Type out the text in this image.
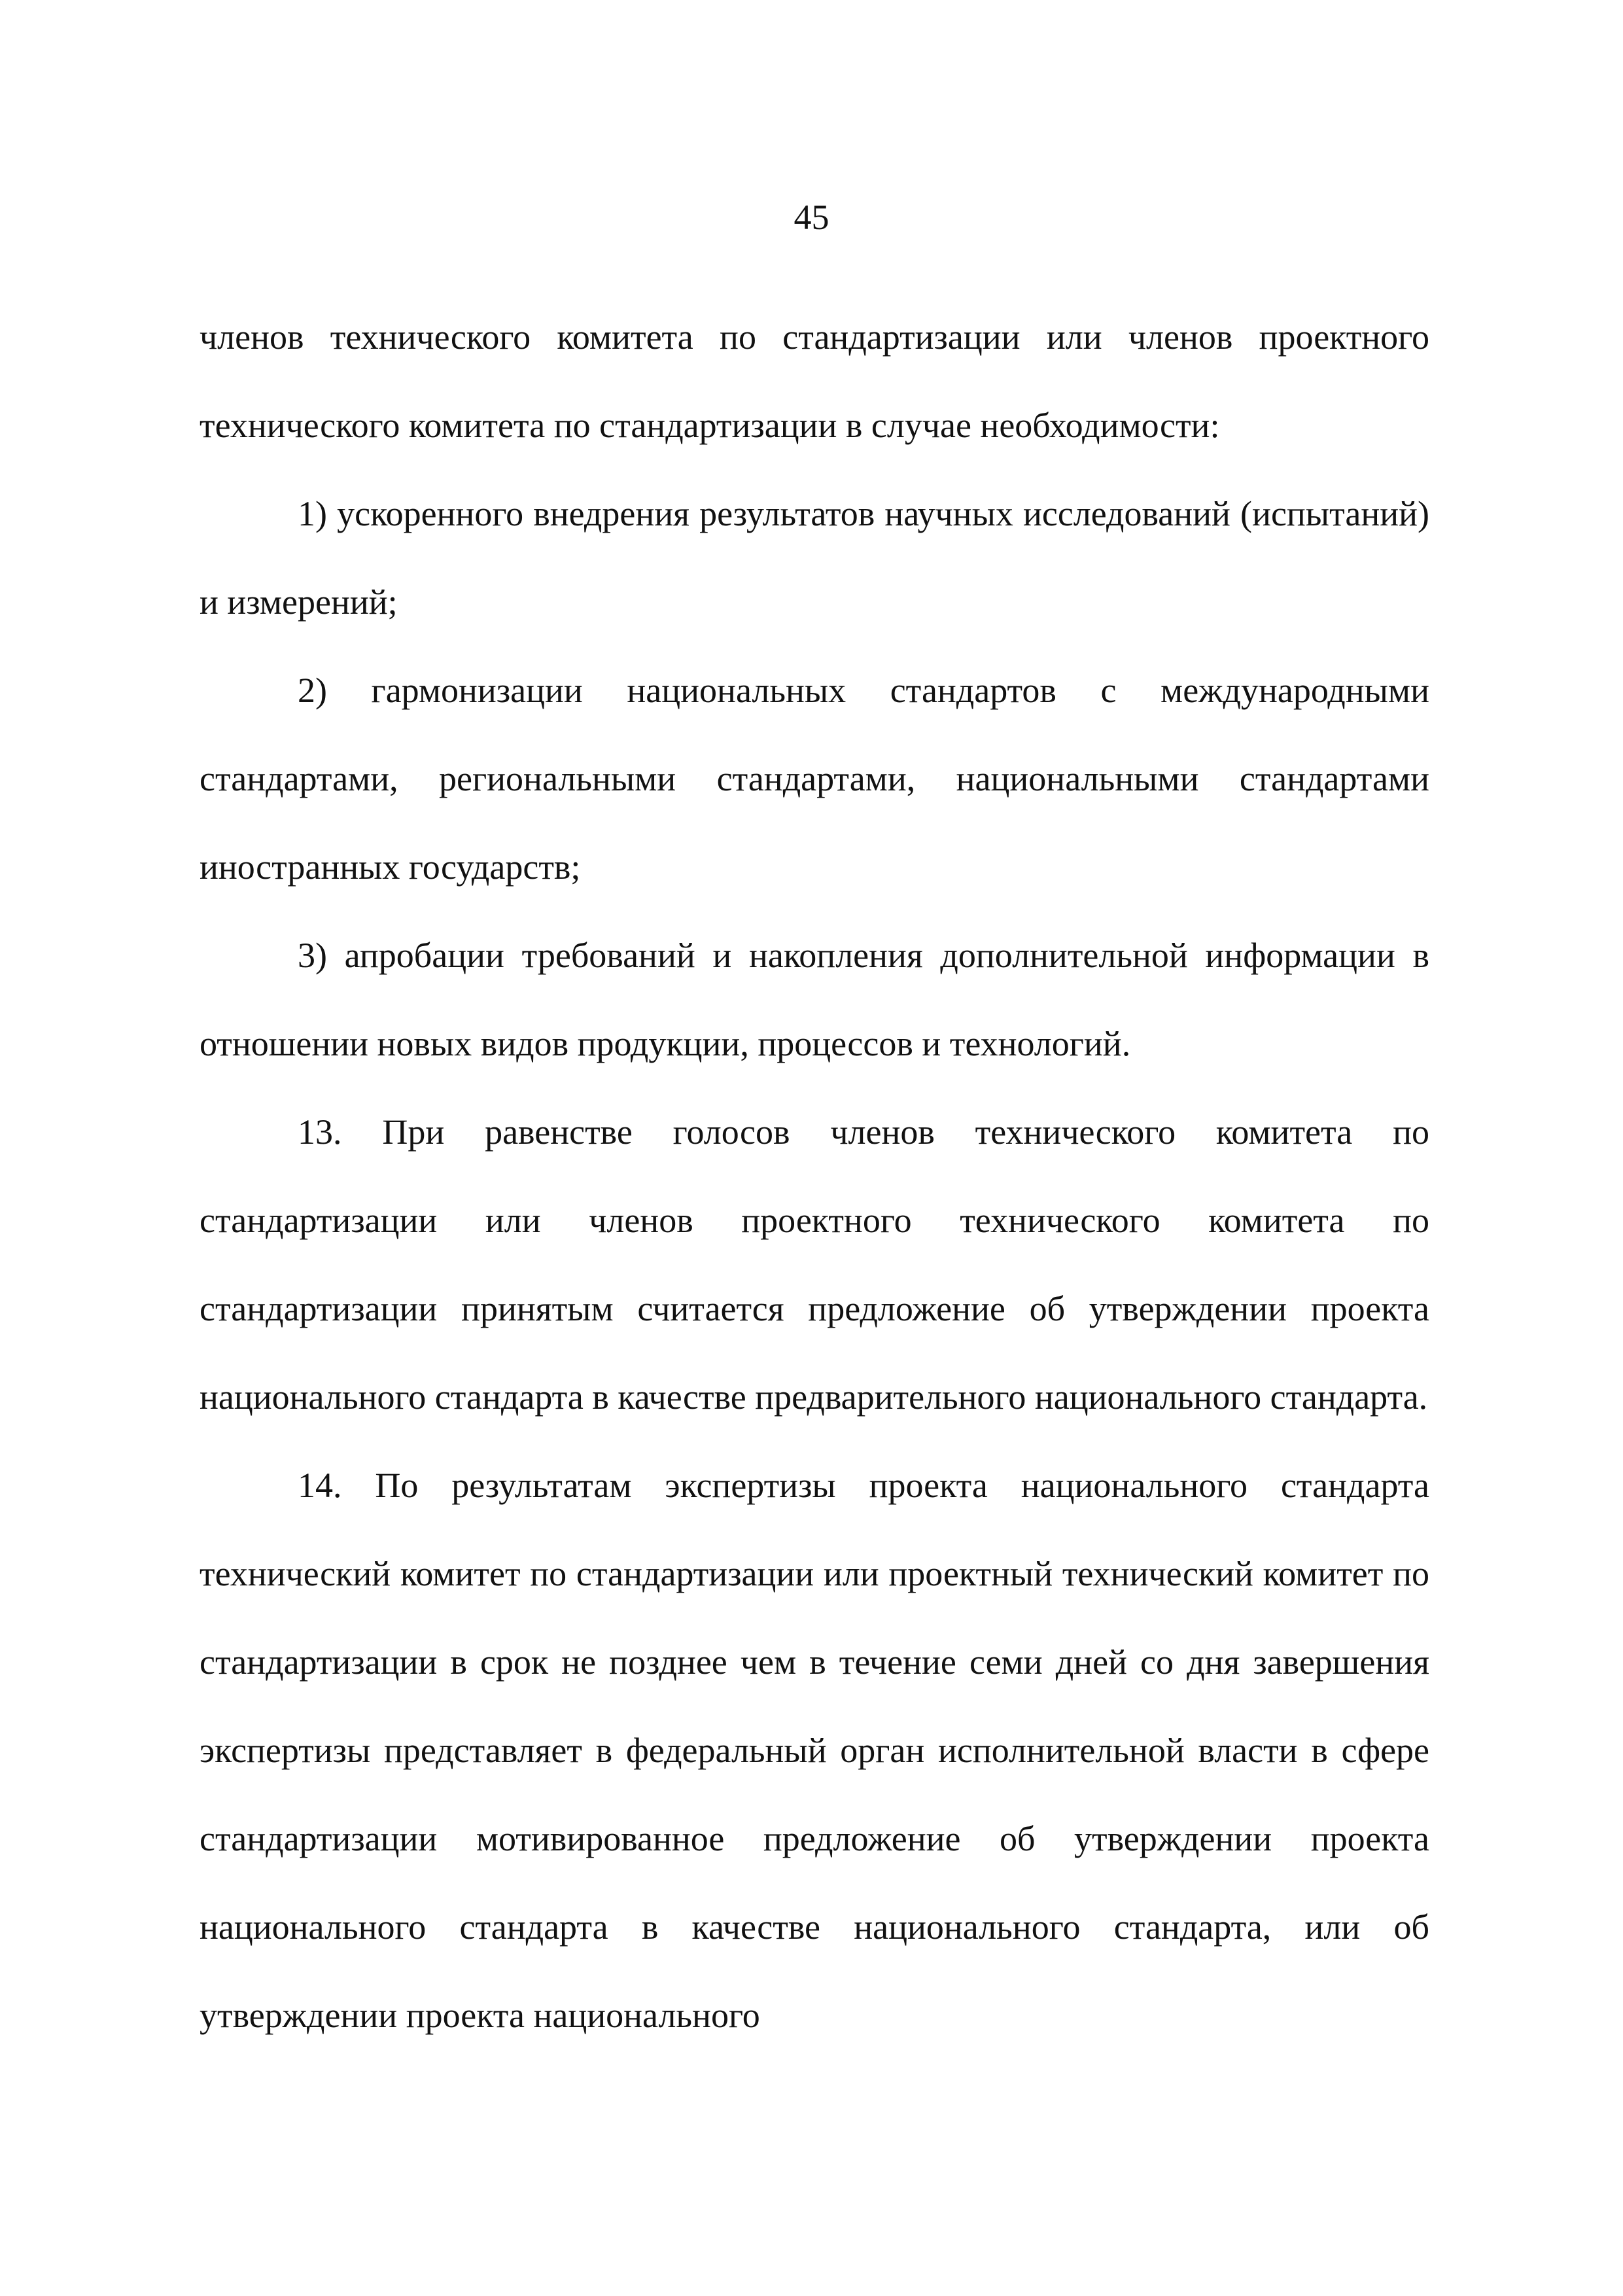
45

членов технического комитета по стандартизации или членов проектного технического комитета по стандартизации в случае необходимости:

1) ускоренного внедрения результатов научных исследований (испытаний) и измерений;

2) гармонизации национальных стандартов с международными стандартами, региональными стандартами, национальными стандартами иностранных государств;

3) апробации требований и накопления дополнительной информации в отношении новых видов продукции, процессов и технологий.

13. При равенстве голосов членов технического комитета по стандартизации или членов проектного технического комитета по стандартизации принятым считается предложение об утверждении проекта национального стандарта в качестве предварительного национального стандарта.

14. По результатам экспертизы проекта национального стандарта технический комитет по стандартизации или проектный технический комитет по стандартизации в срок не позднее чем в течение семи дней со дня завершения экспертизы представляет в федеральный орган исполнительной власти в сфере стандартизации мотивированное предложение об утверждении проекта национального стандарта в качестве национального стандарта, или об утверждении проекта национального
